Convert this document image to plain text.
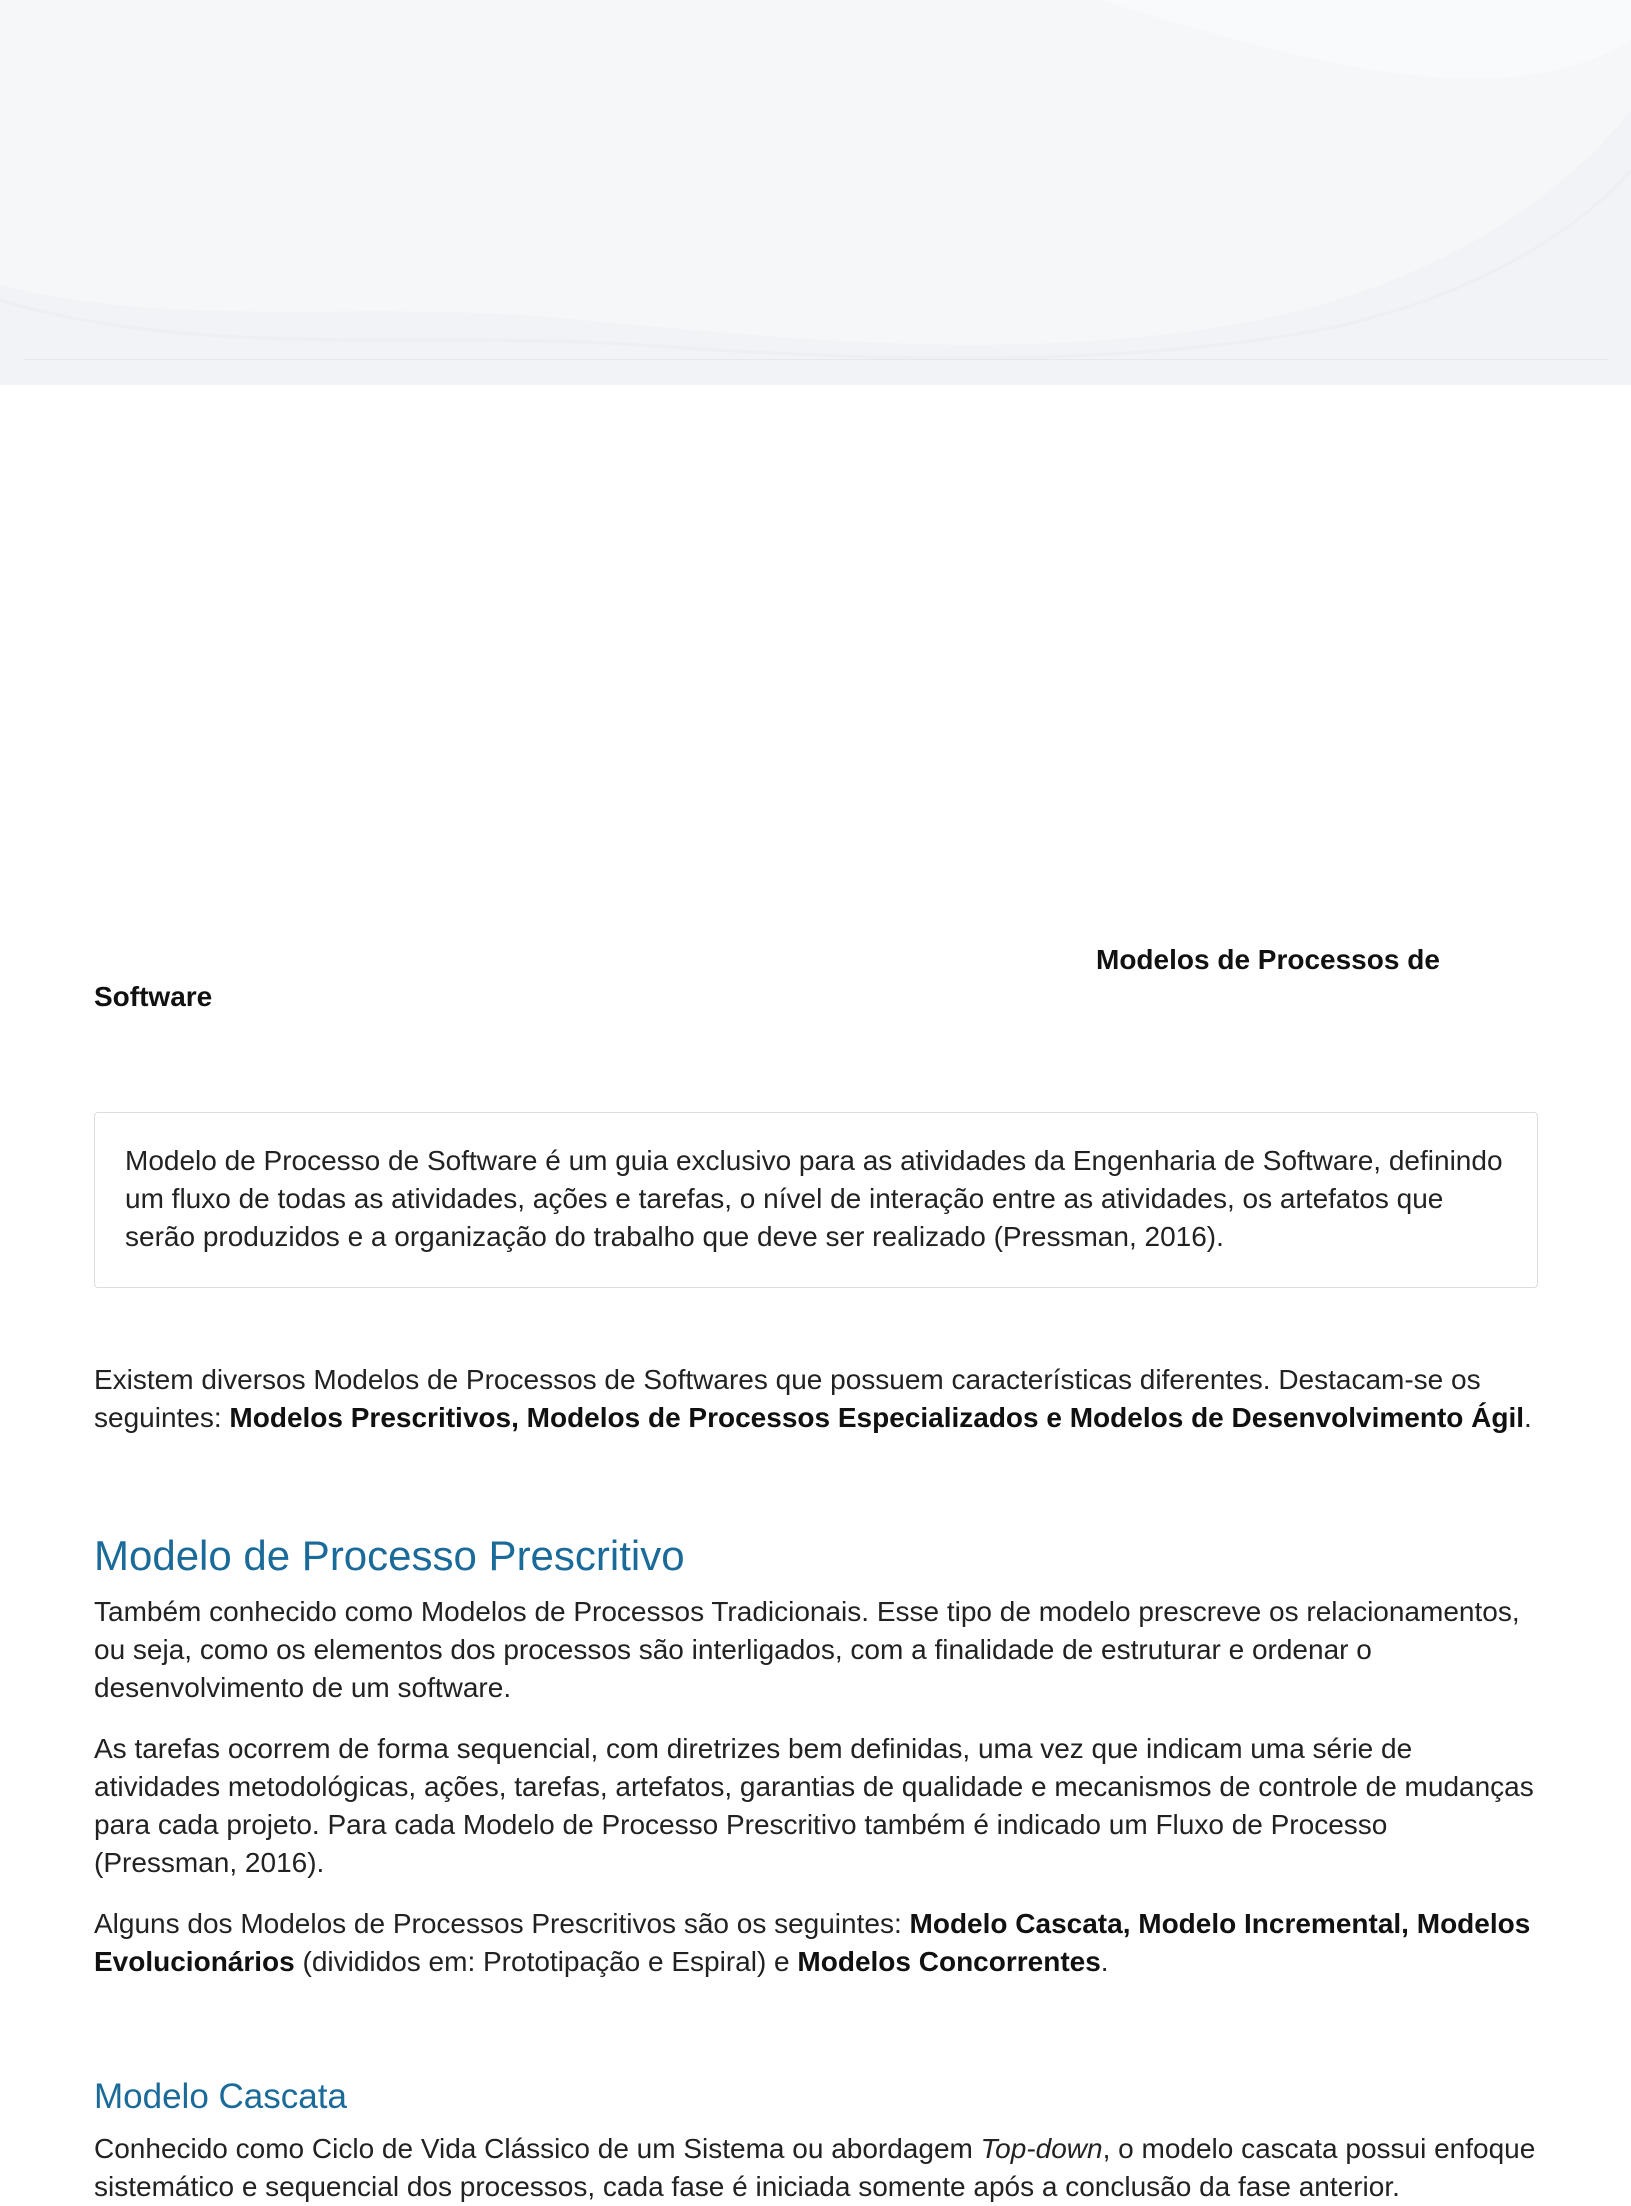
Modelos de Processos de
Software

Modelo de Processo de Software é um guia exclusivo para as atividades da Engenharia de Software, definindo um fluxo de todas as atividades, ações e tarefas, o nível de interação entre as atividades, os artefatos que serão produzidos e a organização do trabalho que deve ser realizado (Pressman, 2016).

Existem diversos Modelos de Processos de Softwares que possuem características diferentes. Destacam-se os seguintes: Modelos Prescritivos, Modelos de Processos Especializados e Modelos de Desenvolvimento Ágil.

Modelo de Processo Prescritivo

Também conhecido como Modelos de Processos Tradicionais. Esse tipo de modelo prescreve os relacionamentos, ou seja, como os elementos dos processos são interligados, com a finalidade de estruturar e ordenar o desenvolvimento de um software.

As tarefas ocorrem de forma sequencial, com diretrizes bem definidas, uma vez que indicam uma série de atividades metodológicas, ações, tarefas, artefatos, garantias de qualidade e mecanismos de controle de mudanças para cada projeto. Para cada Modelo de Processo Prescritivo também é indicado um Fluxo de Processo (Pressman, 2016).

Alguns dos Modelos de Processos Prescritivos são os seguintes: Modelo Cascata, Modelo Incremental, Modelos Evolucionários (divididos em: Prototipação e Espiral) e Modelos Concorrentes.

Modelo Cascata

Conhecido como Ciclo de Vida Clássico de um Sistema ou abordagem Top-down, o modelo cascata possui enfoque sistemático e sequencial dos processos, cada fase é iniciada somente após a conclusão da fase anterior.
